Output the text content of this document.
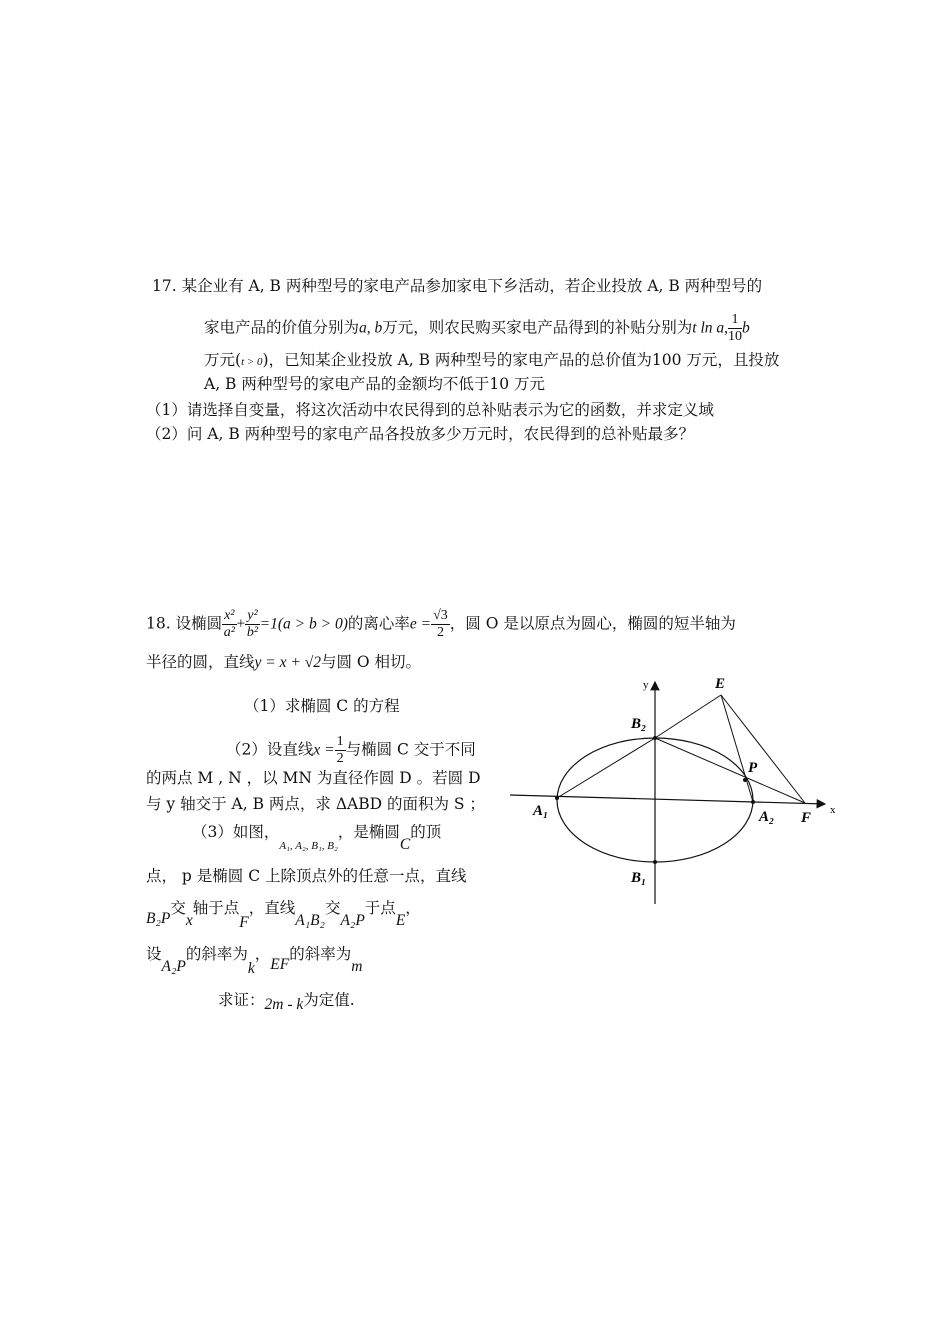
17. 某企业有 A, B 两种型号的家电产品参加家电下乡活动，若企业投放 A, B 两种型号的
家电产品的价值分别为a, b万元，则农民购买家电产品得到的补贴分别为t ln a, $\frac{1}{10}$ b
万元(t > 0)，已知某企业投放 A, B 两种型号的家电产品的总价值为100 万元，且投放
A, B 两种型号的家电产品的金额均不低于10 万元
（1）请选择自变量，将这次活动中农民得到的总补贴表示为它的函数，并求定义域
（2）问 A, B 两种型号的家电产品各投放多少万元时，农民得到的总补贴最多？
18. 设椭圆 $\frac{\text{x²}}{\text{a²}} + \frac{\text{y²}}{\text{b²}} =1(a > b > 0)$的离心率$e = \frac{√3}{2}$ ，圆 O 是以原点为圆心，椭圆的短半轴为
半径的圆，直线y = x + √2与圆 O 相切。
（1）求椭圆 C 的方程
（2）设直线$x = \frac{1}{2}$ 与椭圆 C 交于不同
的两点 M , N ，以 MN 为直径作圆 D 。若圆 D
与 y 轴交于 A, B 两点，求 ΔABD 的面积为 S ；
（3）如图，$_{A_1, A_2, B_1, B_2}$，是椭圆C的顶
点， p 是椭圆 C 上除顶点外的任意一点，直线
B₂P交x轴于点F，直线A₁B₂交A₂P于点E，
设A₂P的斜率为k，EF的斜率为m
求证：2m - k为定值.
y
x
E
B₂
P
A₁	A₂ F
B₁
